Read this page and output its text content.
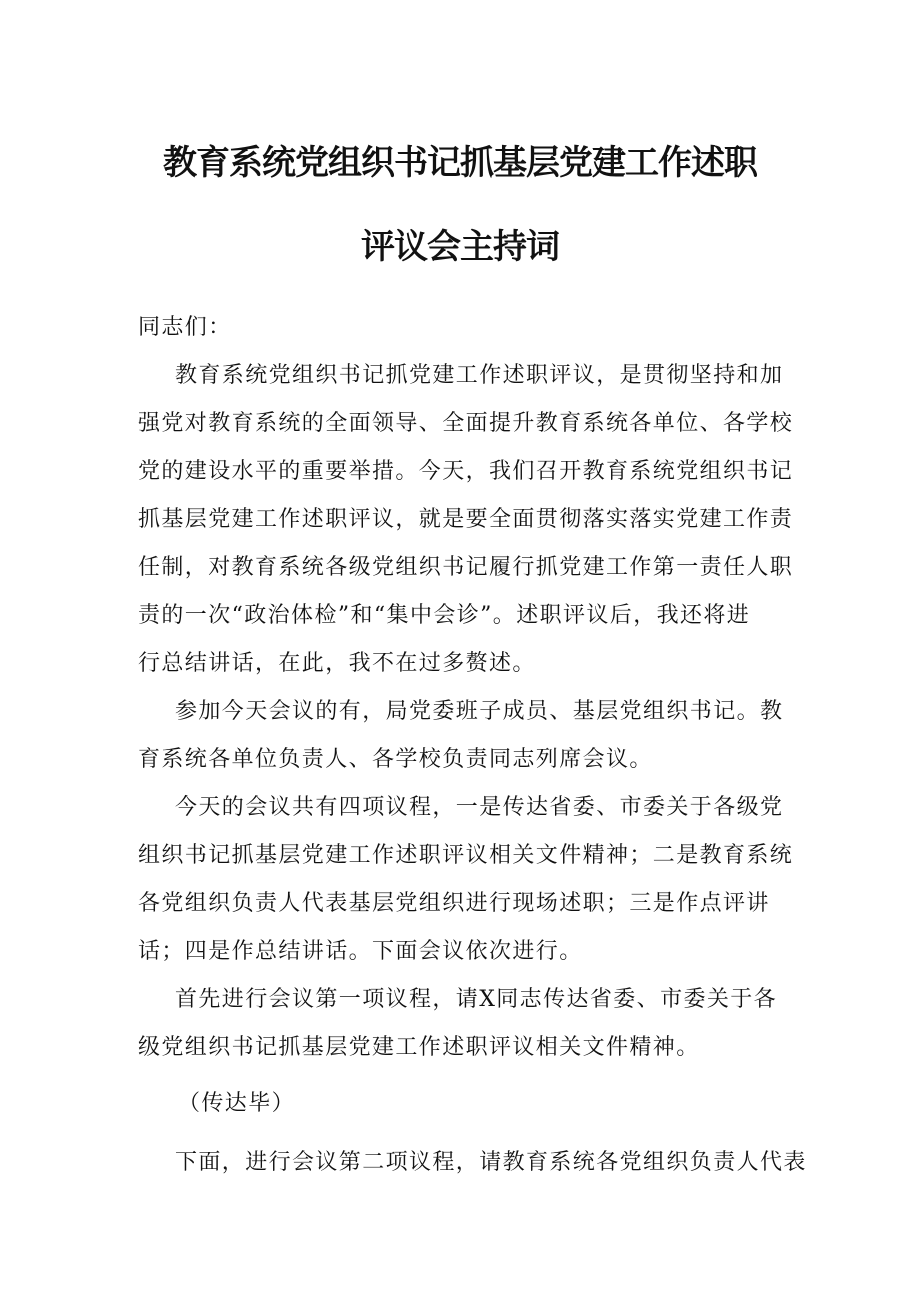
教育系统党组织书记抓基层党建工作述职
评议会主持词

同志们：

教育系统党组织书记抓党建工作述职评议，是贯彻坚持和加

强党对教育系统的全面领导、全面提升教育系统各单位、各学校

党的建设水平的重要举措。今天，我们召开教育系统党组织书记

抓基层党建工作述职评议，就是要全面贯彻落实落实党建工作责

任制，对教育系统各级党组织书记履行抓党建工作第一责任人职

责的一次“政治体检”和“集中会诊”。述职评议后，我还将进

行总结讲话，在此，我不在过多赘述。

参加今天会议的有，局党委班子成员、基层党组织书记。教

育系统各单位负责人、各学校负责同志列席会议。

今天的会议共有四项议程，一是传达省委、市委关于各级党

组织书记抓基层党建工作述职评议相关文件精神；二是教育系统

各党组织负责人代表基层党组织进行现场述职；三是作点评讲

话；四是作总结讲话。下面会议依次进行。

首先进行会议第一项议程，请X同志传达省委、市委关于各

级党组织书记抓基层党建工作述职评议相关文件精神。

（传达毕）

下面，进行会议第二项议程，请教育系统各党组织负责人代表
